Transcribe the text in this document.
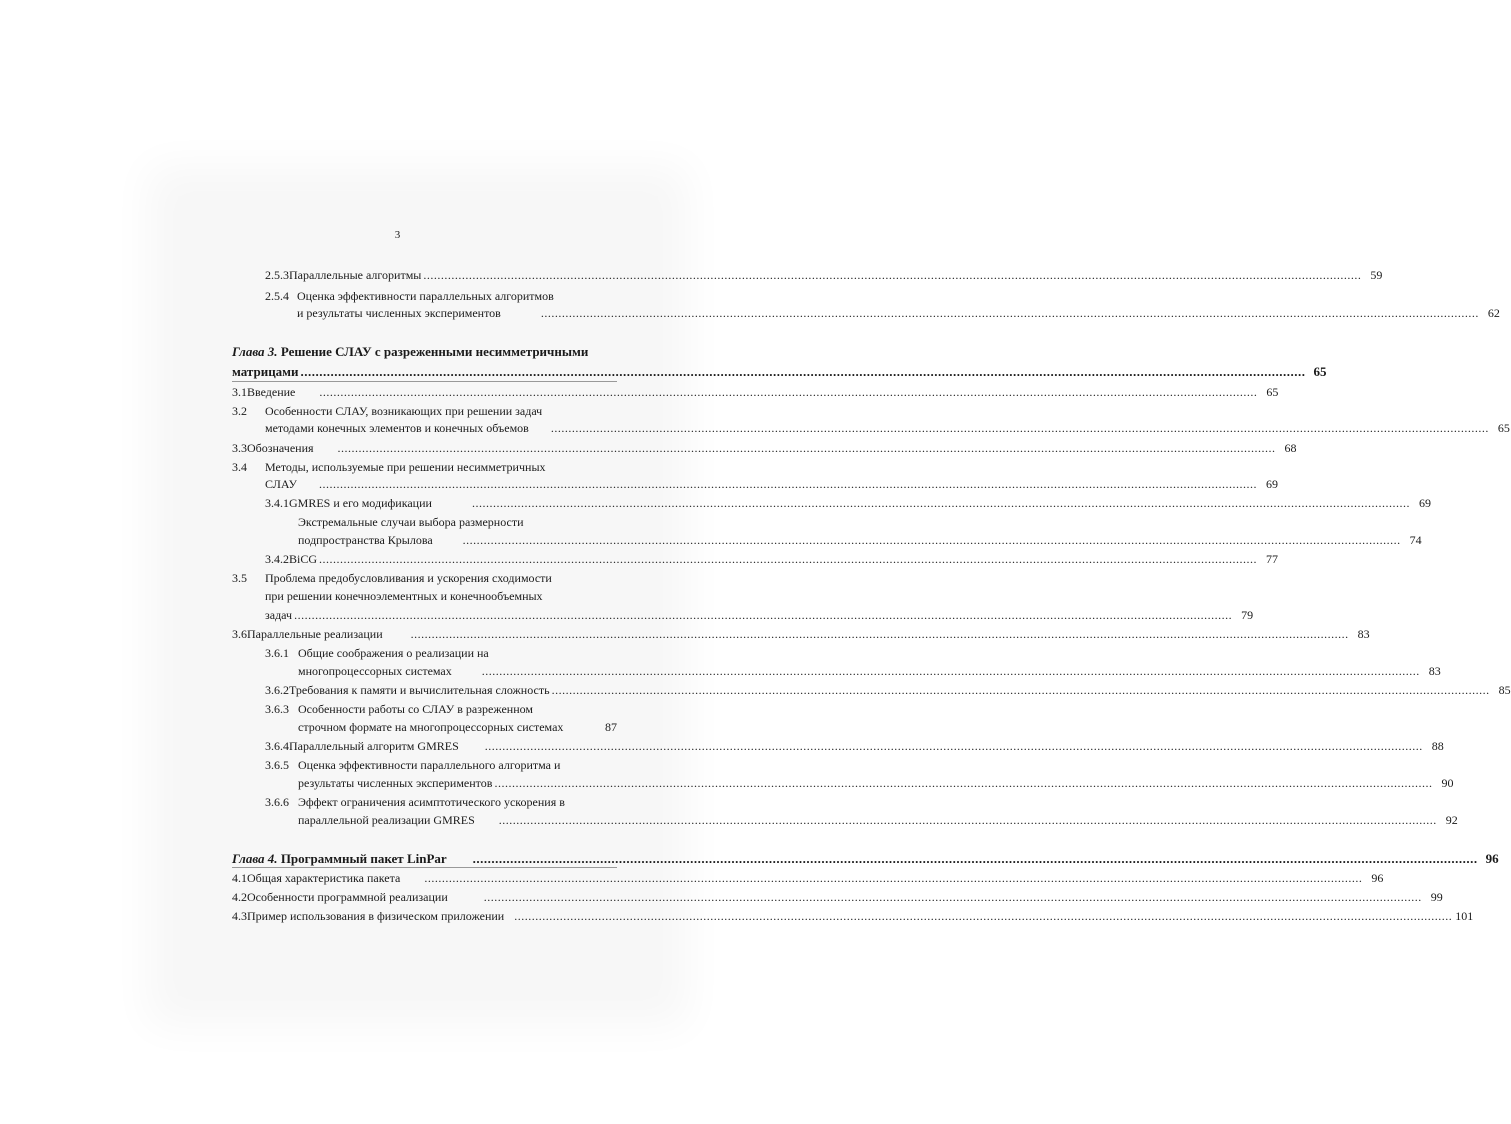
3
2.5.3 Параллельные алгоритмы ............................................................................................................................................................................................................................................................................ 59
2.5.4 Оценка эффективности параллельных алгоритмов
и результаты численных экспериментов	............................................................................................................................................................................................................................................................................ 62
Глава 3.
Решение СЛАУ с разреженными несимметричными
матрицами ............................................................................................................................................................................................................................................................................ 65
3.1 Введение	............................................................................................................................................................................................................................................................................ 65
3.2	Особенности СЛАУ, возникающих при решении задач
методами конечных элементов и конечных объемов	............................................................................................................................................................................................................................................................................ 65
3.3 Обозначения	............................................................................................................................................................................................................................................................................ 68
3.4	Методы, используемые при решении несимметричных
СЛАУ	............................................................................................................................................................................................................................................................................ 69
3.4.1 GMRES и его модификации	............................................................................................................................................................................................................................................................................ 69
Экстремальные случаи выбора размерности
подпространства Крылова	............................................................................................................................................................................................................................................................................ 74
3.4.2 BiCG ............................................................................................................................................................................................................................................................................ 77
3.5	Проблема предобусловливания и ускорения сходимости
при решении конечноэлементных и конечнообъемных
задач ............................................................................................................................................................................................................................................................................ 79
3.6 Параллельные реализации	............................................................................................................................................................................................................................................................................ 83
3.6.1 Общие соображения о реализации на
многопроцессорных системах	............................................................................................................................................................................................................................................................................ 83
3.6.2 Требования к памяти и вычислительная сложность ............................................................................................................................................................................................................................................................................ 85
3.6.3 Особенности работы со СЛАУ в разреженном
строчном формате на многопроцессорных системах	87
3.6.4 Параллельный алгоритм GMRES	............................................................................................................................................................................................................................................................................ 88
3.6.5 Оценка эффективности параллельного алгоритма и
результаты численных экспериментов ............................................................................................................................................................................................................................................................................ 90
3.6.6 Эффект ограничения асимптотического ускорения в
параллельной реализации GMRES	............................................................................................................................................................................................................................................................................ 92
Глава 4.
Программный пакет LinPar	............................................................................................................................................................................................................................................................................ 96
4.1 Общая характеристика пакета	............................................................................................................................................................................................................................................................................ 96
4.2 Особенности программной реализации	............................................................................................................................................................................................................................................................................ 99
4.3 Пример использования в физическом приложении ............................................................................................................................................................................................................................................................................ 101
